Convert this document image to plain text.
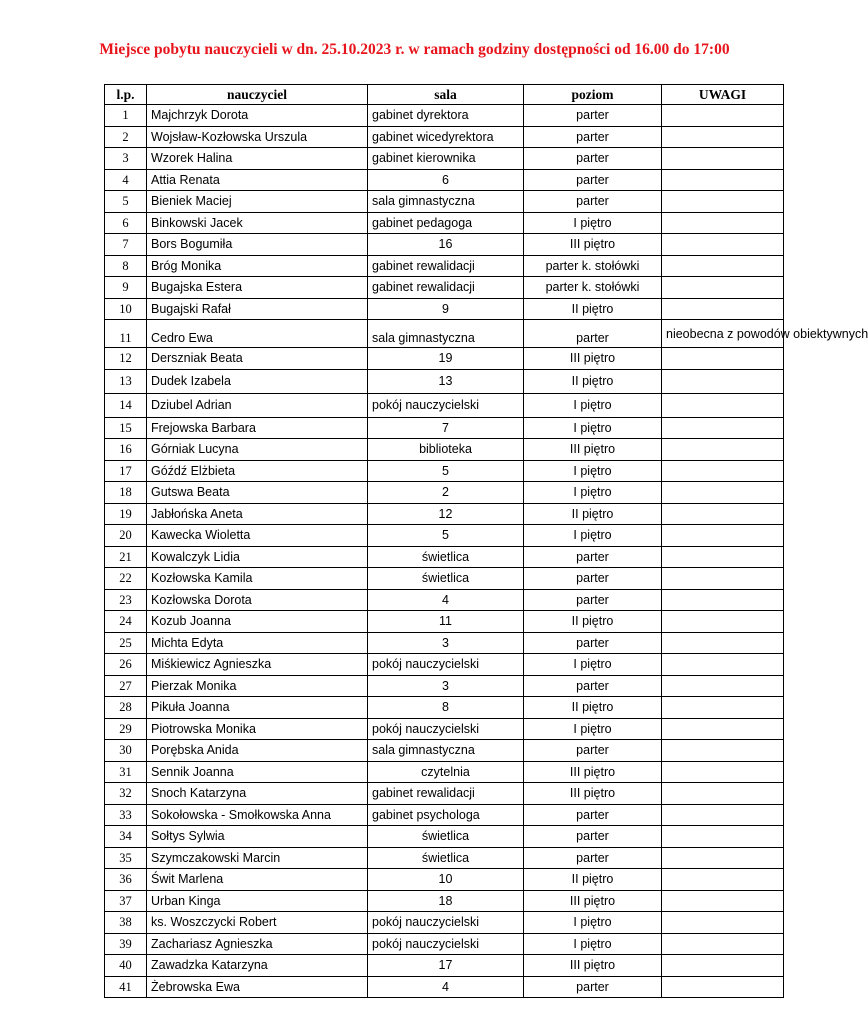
Miejsce pobytu nauczycieli w dn. 25.10.2023 r. w ramach godziny dostępności od 16.00 do 17:00
l.p.	nauczyciel	sala	poziom	UWAGI
1	Majchrzyk Dorota	gabinet dyrektora	parter	
2	Wojsław-Kozłowska Urszula	gabinet wicedyrektora	parter	
3	Wzorek Halina	gabinet kierownika	parter	
4	Attia Renata	6	parter	
5	Bieniek Maciej	sala gimnastyczna	parter	
6	Binkowski Jacek	gabinet pedagoga	I piętro	
7	Bors Bogumiła	16	III piętro	
8	Bróg Monika	gabinet rewalidacji	parter k. stołówki	
9	Bugajska Estera	gabinet rewalidacji	parter k. stołówki	
10	Bugajski Rafał	9	II piętro	
11	Cedro Ewa	sala gimnastyczna	parter	nieobecna z powodów obiektywnych
12	Derszniak Beata	19	III piętro	
13	Dudek Izabela	13	II piętro	
14	Dziubel Adrian	pokój nauczycielski	I piętro	
15	Frejowska Barbara	7	I piętro	
16	Górniak Lucyna	biblioteka	III piętro	
17	Góźdź Elżbieta	5	I piętro	
18	Gutswa Beata	2	I piętro	
19	Jabłońska Aneta	12	II piętro	
20	Kawecka Wioletta	5	I piętro	
21	Kowalczyk Lidia	świetlica	parter	
22	Kozłowska Kamila	świetlica	parter	
23	Kozłowska Dorota	4	parter	
24	Kozub Joanna	11	II piętro	
25	Michta Edyta	3	parter	
26	Miśkiewicz Agnieszka	pokój nauczycielski	I piętro	
27	Pierzak Monika	3	parter	
28	Pikuła Joanna	8	II piętro	
29	Piotrowska Monika	pokój nauczycielski	I piętro	
30	Porębska Anida	sala gimnastyczna	parter	
31	Sennik Joanna	czytelnia	III piętro	
32	Snoch Katarzyna	gabinet rewalidacji	III piętro	
33	Sokołowska - Smołkowska Anna	gabinet psychologa	parter	
34	Sołtys Sylwia	świetlica	parter	
35	Szymczakowski Marcin	świetlica	parter	
36	Świt Marlena	10	II piętro	
37	Urban Kinga	18	III piętro	
38	ks. Woszczycki Robert	pokój nauczycielski	I piętro	
39	Zachariasz Agnieszka	pokój nauczycielski	I piętro	
40	Zawadzka Katarzyna	17	III piętro	
41	Żebrowska Ewa	4	parter	
